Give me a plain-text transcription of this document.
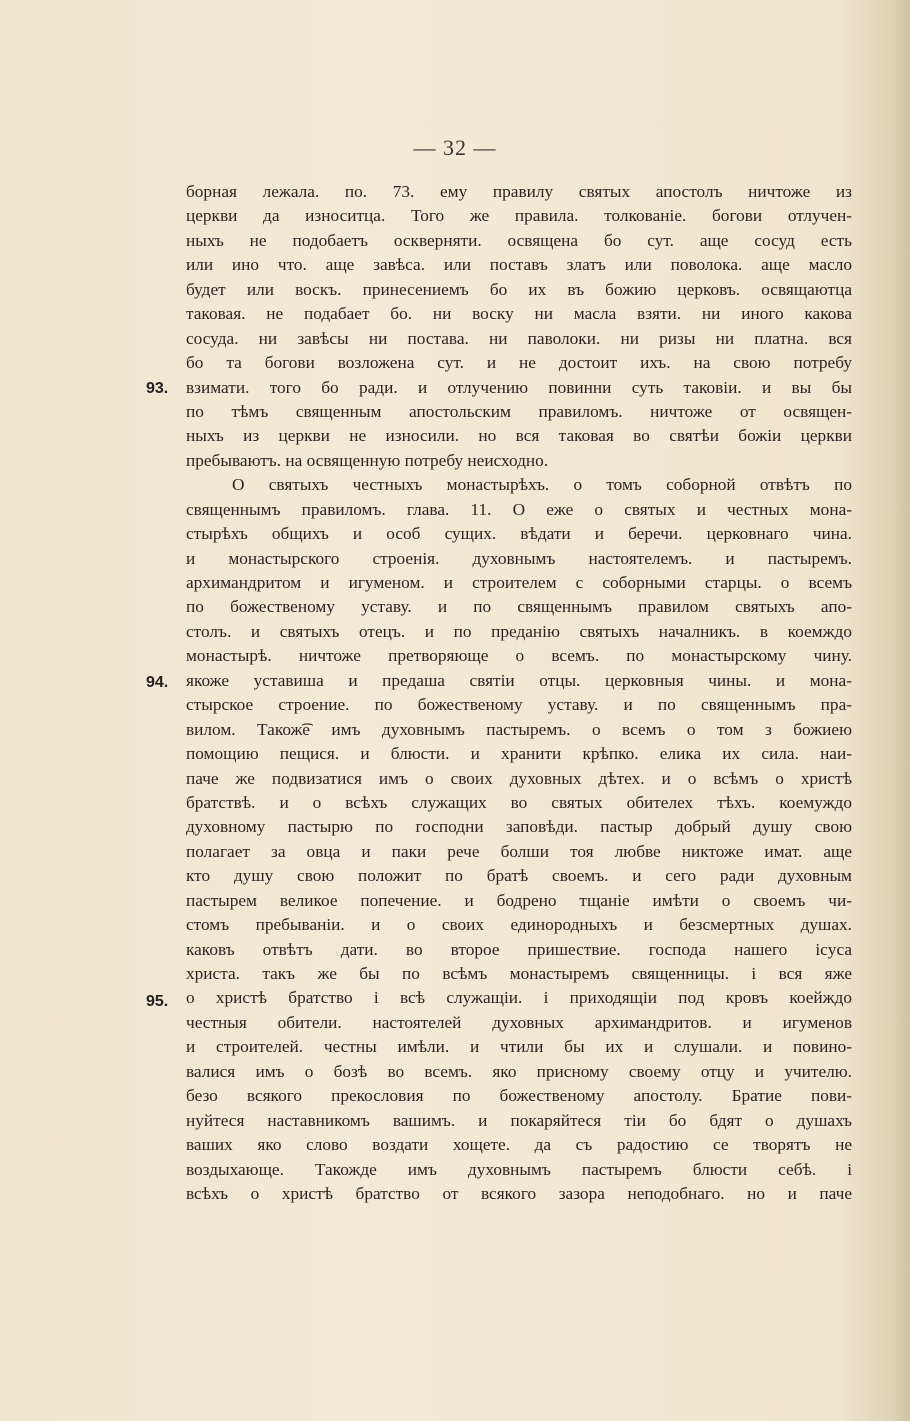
— 32 —
93.
94.
95.
борная лежала. по. 73. ему правилу святых апостолъ ничтоже из
церкви да износитца. Того же правила. толкованіе. богови отлучен-
ныхъ не подобаетъ оскверняти. освящена бо сут. аще сосуд есть
или ино что. аще завѣса. или поставъ златъ или поволока. аще масло
будет или воскъ. принесениемъ бо их въ божию церковъ. освящаютца
таковая. не подабает бо. ни воску ни масла взяти. ни иного какова
сосуда. ни завѣсы ни постава. ни паволоки. ни ризы ни платна. вся
бо та богови возложена сут. и не достоит ихъ. на свою потребу
взимати. того бо ради. и отлучению повинни суть таковіи. и вы бы
по тѣмъ священным апостольским правиломъ. ничтоже от освящен-
ныхъ из церкви не износили. но вся таковая во святѣи божіи церкви
пребываютъ. на освященную потребу неисходно.
О святыхъ честныхъ монастырѣхъ. о томъ соборной отвѣтъ по
священнымъ правиломъ. глава. 11. О еже о святых и честных мона-
стырѣхъ общихъ и особ сущих. вѣдати и беречи. церковнаго чина.
и монастырского строенія. духовнымъ настоятелемъ. и пастыремъ.
архимандритом и игуменом. и строителем с соборными старцы. о всемъ
по божественому уставу. и по священнымъ правилом святыхъ апо-
столъ. и святыхъ отецъ. и по преданію святыхъ началникъ. в коемждо
монастырѣ. ничтоже претворяюще о всемъ. по монастырскому чину.
якоже уставиша и предаша святіи отцы. церковныя чины. и мона-
стырское строение. по божественому уставу. и по священнымъ пра-
вилом. Також͡е имъ духовнымъ пастыремъ. о всемъ о том з божиею
помощию пещися. и блюсти. и хранити крѣпко. елика их сила. наи-
паче же подвизатися имъ о своих духовных дѣтех. и о всѣмъ о христѣ
братствѣ. и о всѣхъ служащих во святых обителех тѣхъ. коемуждо
духовному пастырю по господни заповѣди. пастыр добрый душу свою
полагает за овца и паки рече болши тоя любве никтоже имат. аще
кто душу свою положит по братѣ своемъ. и сего ради духовным
пастырем великое попечение. и бодрено тщаніе имѣти о своемъ чи-
стомъ пребываніи. и о своих единородныхъ и безсмертных душах.
каковъ отвѣтъ дати. во второе пришествие. господа нашего іcуса
христа. такъ же бы по всѣмъ монастыремъ священницы. і вся яже
о христѣ братство і всѣ служащіи. і приходящіи под кровъ коейждо
честныя обители. настоятелей духовных архимандритов. и игуменов
и строителей. честны имѣли. и чтили бы их и слушали. и повино-
валися имъ о бозѣ во всемъ. яко присному своему отцу и учителю.
безо всякого прекословия по божественому апостолу. Братие пови-
нуйтеся наставникомъ вашимъ. и покаряйтеся тіи бо бдят о душахъ
ваших яко слово воздати хощете. да съ радостию се творятъ не
воздыхающе. Такожде имъ духовнымъ пастыремъ блюсти себѣ. і
всѣхъ о христѣ братство от всякого зазора неподобнаго. но и паче
